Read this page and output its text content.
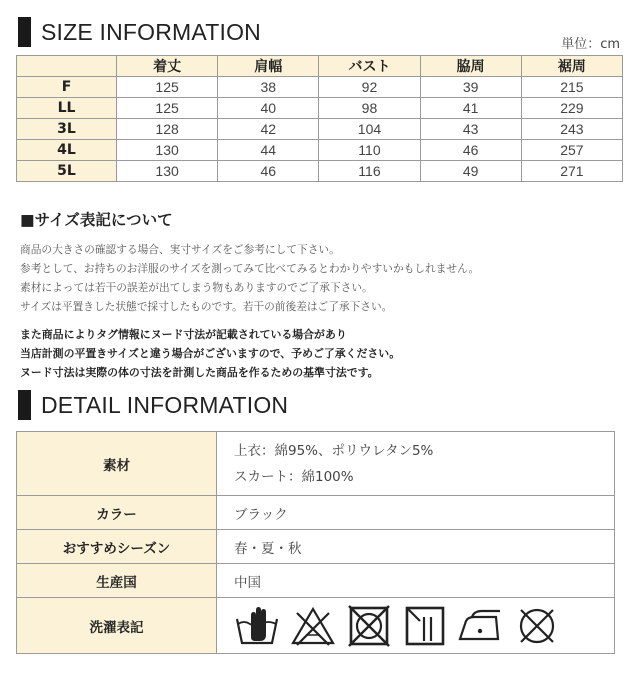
SIZE INFORMATION	単位：cm
	着丈	肩幅	バスト	脇周	裾周
F	125	38	92	39	215
LL	125	40	98	41	229
3L	128	42	104	43	243
4L	130	44	110	46	257
5L	130	46	116	49	271
■サイズ表記について
商品の大きさの確認する場合、実寸サイズをご参考にして下さい。
参考として、お持ちのお洋服のサイズを測ってみて比べてみるとわかりやすいかもしれません。
素材によっては若干の誤差が出てしまう物もありますのでご了承下さい。
サイズは平置きした状態で採寸したものです。若干の前後差はご了承下さい。
また商品によりタグ情報にヌード寸法が記載されている場合があり
当店計測の平置きサイズと違う場合がございますので、予めご了承ください。
ヌード寸法は実際の体の寸法を計測した商品を作るための基準寸法です。
DETAIL INFORMATION
素材	上衣：綿95%、ポリウレタン5%
スカート：綿100%

カラー	ブラック
おすすめシーズン	春・夏・秋
生産国	中国
洗濯表記	
